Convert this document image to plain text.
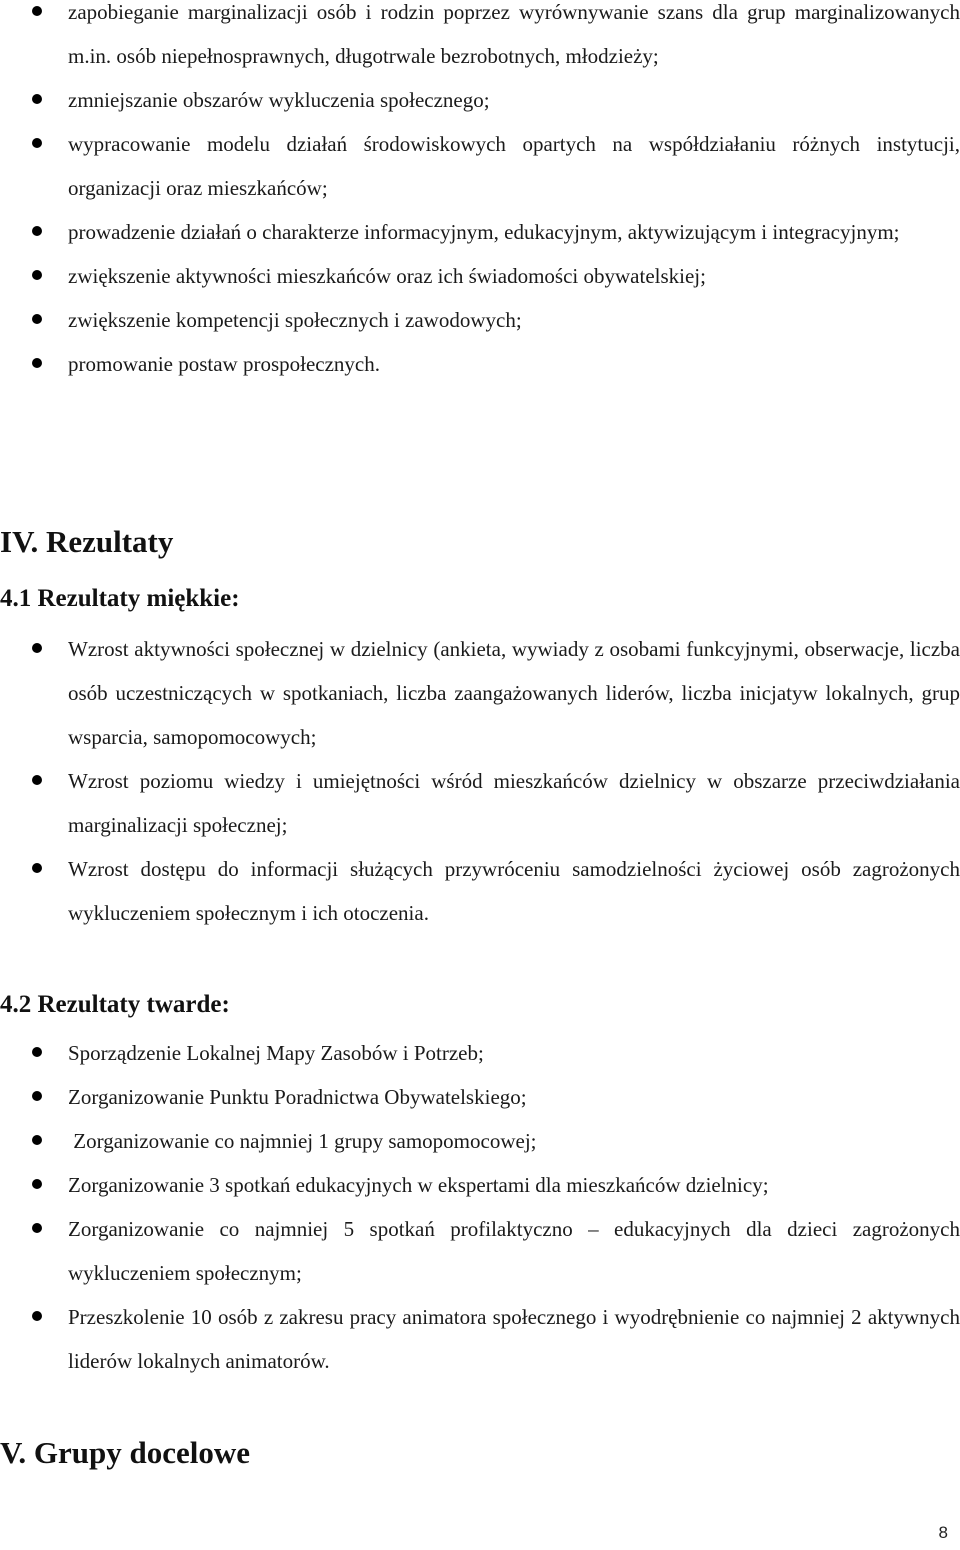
zapobieganie marginalizacji osób i rodzin poprzez wyrównywanie szans dla grup marginalizowanych m.in. osób niepełnosprawnych, długotrwale bezrobotnych, młodzieży;
zmniejszanie obszarów wykluczenia społecznego;
wypracowanie modelu działań środowiskowych opartych na współdziałaniu różnych instytucji, organizacji oraz mieszkańców;
prowadzenie działań o charakterze informacyjnym, edukacyjnym, aktywizującym i integracyjnym;
zwiększenie aktywności mieszkańców oraz ich świadomości obywatelskiej;
zwiększenie kompetencji społecznych i zawodowych;
promowanie postaw prospołecznych.
IV. Rezultaty
4.1 Rezultaty miękkie:
Wzrost aktywności społecznej w dzielnicy (ankieta, wywiady z osobami funkcyjnymi, obserwacje, liczba osób uczestniczących w spotkaniach, liczba zaangażowanych liderów, liczba inicjatyw lokalnych, grup wsparcia, samopomocowych;
Wzrost poziomu wiedzy i umiejętności wśród mieszkańców dzielnicy w obszarze przeciwdziałania marginalizacji społecznej;
Wzrost dostępu do informacji służących przywróceniu samodzielności życiowej osób zagrożonych wykluczeniem społecznym i ich otoczenia.
4.2 Rezultaty twarde:
Sporządzenie Lokalnej Mapy Zasobów i Potrzeb;
Zorganizowanie Punktu Poradnictwa Obywatelskiego;
Zorganizowanie co najmniej 1 grupy samopomocowej;
Zorganizowanie 3 spotkań edukacyjnych w ekspertami dla mieszkańców dzielnicy;
Zorganizowanie co najmniej 5 spotkań profilaktyczno – edukacyjnych dla dzieci zagrożonych wykluczeniem społecznym;
Przeszkolenie 10 osób z zakresu pracy animatora społecznego i wyodrębnienie co najmniej 2 aktywnych liderów lokalnych animatorów.
V. Grupy docelowe
8
